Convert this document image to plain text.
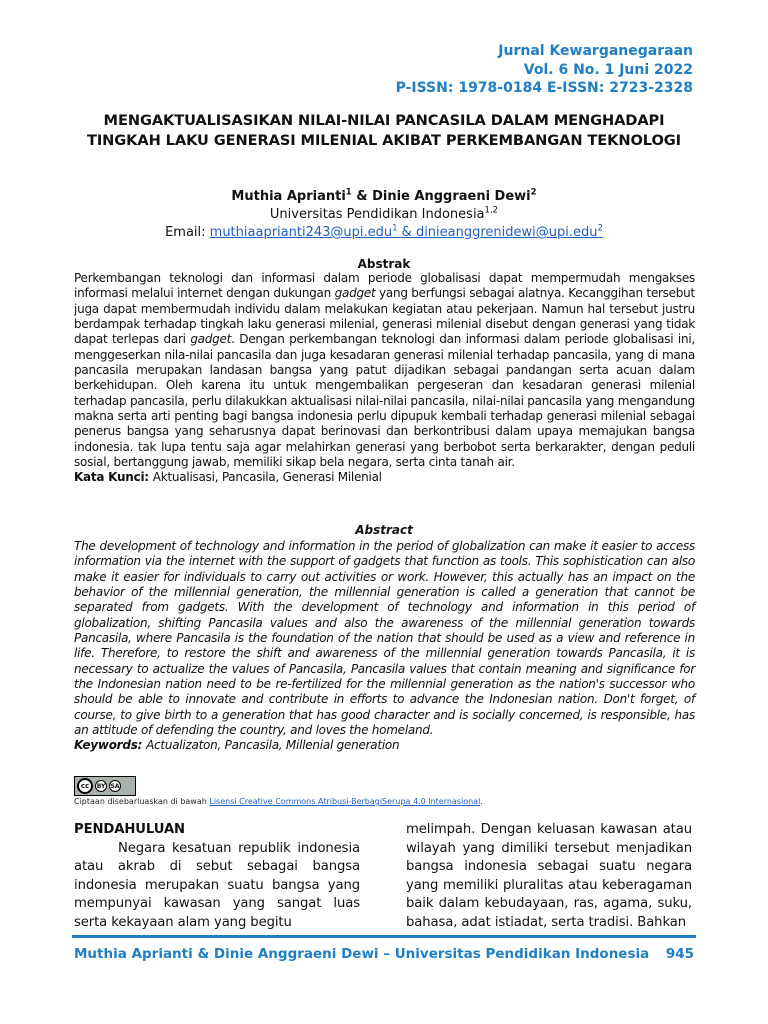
Jurnal Kewarganegaraan
Vol. 6 No. 1 Juni 2022
P-ISSN: 1978-0184 E-ISSN: 2723-2328
MENGAKTUALISASIKAN NILAI-NILAI PANCASILA DALAM MENGHADAPI TINGKAH LAKU GENERASI MILENIAL AKIBAT PERKEMBANGAN TEKNOLOGI
Muthia Aprianti$^1$ & Dinie Anggraeni Dewi$^2$
Universitas Pendidikan Indonesia$^{1,2}$
Email: muthiaaprianti243@upi.edu$^1$ & dinieanggrenidewi@upi.edu$^2$
Abstrak
Perkembangan teknologi dan informasi dalam periode globalisasi dapat mempermudah mengakses informasi melalui internet dengan dukungan gadget yang berfungsi sebagai alatnya. Kecanggihan tersebut juga dapat membermudah individu dalam melakukan kegiatan atau pekerjaan. Namun hal tersebut justru berdampak terhadap tingkah laku generasi milenial, generasi milenial disebut dengan generasi yang tidak dapat terlepas dari gadget. Dengan perkembangan teknologi dan informasi dalam periode globalisasi ini, menggeserkan nila-nilai pancasila dan juga kesadaran generasi milenial terhadap pancasila, yang di mana pancasila merupakan landasan bangsa yang patut dijadikan sebagai pandangan serta acuan dalam berkehidupan. Oleh karena itu untuk mengembalikan pergeseran dan kesadaran generasi milenial terhadap pancasila, perlu dilakukkan aktualisasi nilai-nilai pancasila, nilai-nilai pancasila yang mengandung makna serta arti penting bagi bangsa indonesia perlu dipupuk kembali terhadap generasi milenial sebagai penerus bangsa yang seharusnya dapat berinovasi dan berkontribusi dalam upaya memajukan bangsa indonesia. tak lupa tentu saja agar melahirkan generasi yang berbobot serta berkarakter, dengan peduli sosial, bertanggung jawab, memiliki sikap bela negara, serta cinta tanah air.
Kata Kunci: Aktualisasi, Pancasila, Generasi Milenial
Abstract
The development of technology and information in the period of globalization can make it easier to access information via the internet with the support of gadgets that function as tools. This sophistication can also make it easier for individuals to carry out activities or work. However, this actually has an impact on the behavior of the millennial generation, the millennial generation is called a generation that cannot be separated from gadgets. With the development of technology and information in this period of globalization, shifting Pancasila values and also the awareness of the millennial generation towards Pancasila, where Pancasila is the foundation of the nation that should be used as a view and reference in life. Therefore, to restore the shift and awareness of the millennial generation towards Pancasila, it is necessary to actualize the values of Pancasila, Pancasila values that contain meaning and significance for the Indonesian nation need to be re-fertilized for the millennial generation as the nation's successor who should be able to innovate and contribute in efforts to advance the Indonesian nation. Don't forget, of course, to give birth to a generation that has good character and is socially concerned, is responsible, has an attitude of defending the country, and loves the homeland.
Keywords: Actualizaton, Pancasila, Millenial generation
cc	BY SA
Ciptaan disebarluaskan di bawah Lisensi Creative Commons Atribusi-BerbagiSerupa 4.0 Internasional.
PENDAHULUAN

Negara kesatuan republik indonesia atau akrab di sebut sebagai bangsa indonesia merupakan suatu bangsa yang mempunyai kawasan yang sangat luas serta kekayaan alam yang begitu

melimpah. Dengan keluasan kawasan atau wilayah yang dimiliki tersebut menjadikan bangsa indonesia sebagai suatu negara yang memiliki pluralitas atau keberagaman baik dalam kebudayaan, ras, agama, suku, bahasa, adat istiadat, serta tradisi. Bahkan

Muthia Aprianti & Dinie Anggraeni Dewi – Universitas Pendidikan Indonesia 945
